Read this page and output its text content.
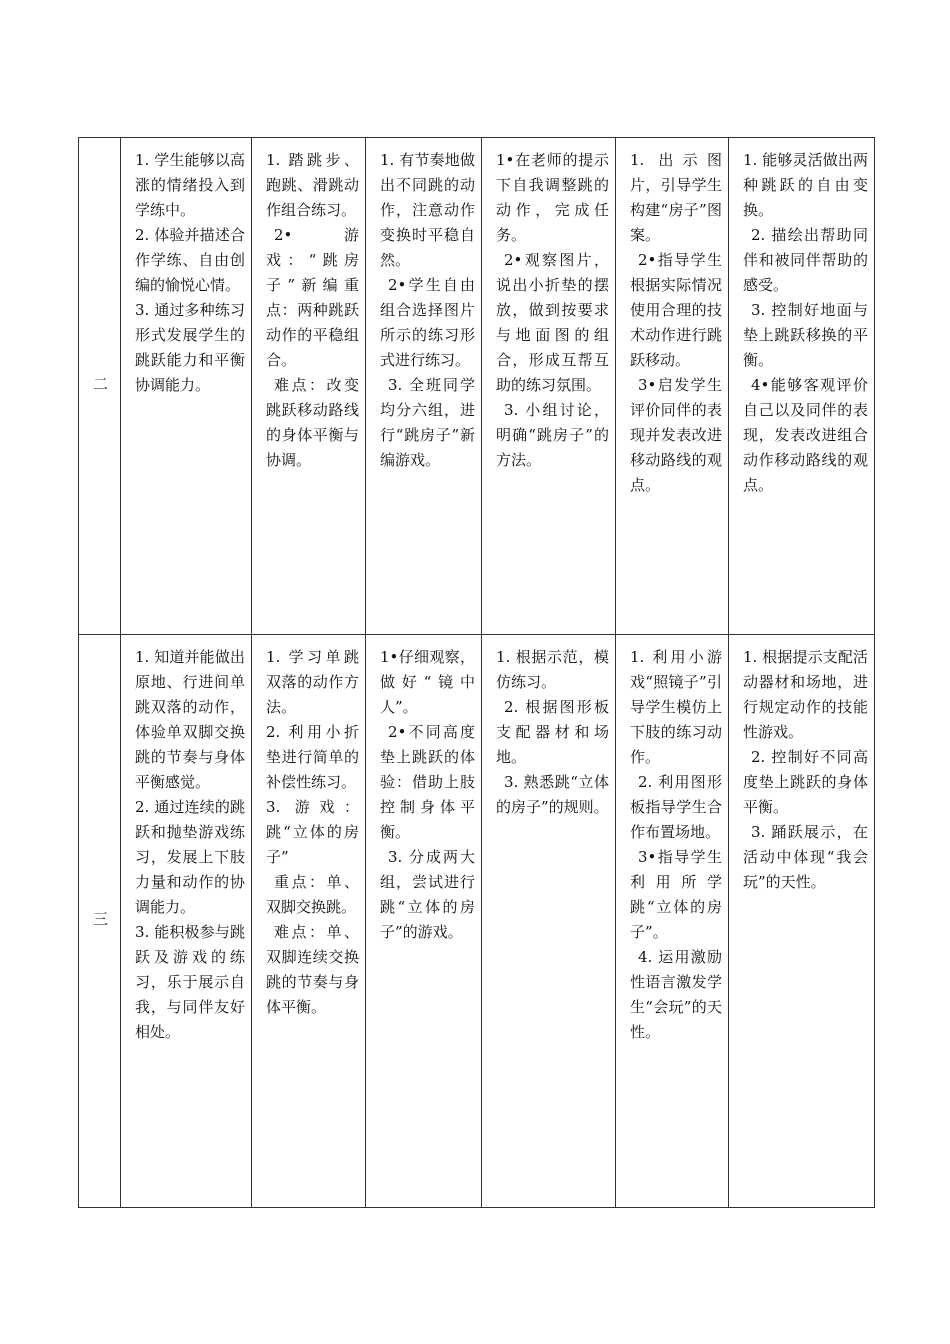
二	1. 学生能够以高涨的情绪投入到学练中。
2. 体验并描述合作学练、自由创编的愉悦心情。
3. 通过多种练习形式发展学生的跳跃能力和平衡协调能力。	1. 踏跳步、跑跳、滑跳动作组合练习。
2•游戏：“跳房子”新编重点：两种跳跃动作的平稳组合。
难点：改变跳跃移动路线的身体平衡与协调。	1. 有节奏地做出不同跳的动作，注意动作变换时平稳自然。
2•学生自由组合选择图片所示的练习形式进行练习。
3. 全班同学均分六组，进行“跳房子”新编游戏。	1•在老师的提示下自我调整跳的动作，完成任务。
2•观察图片，说出小折垫的摆放，做到按要求与地面图的组合，形成互帮互助的练习氛围。
3. 小组讨论，明确“跳房子”的方法。	1. 出示图片，引导学生构建“房子”图案。
2•指导学生根据实际情况使用合理的技术动作进行跳跃移动。
3•启发学生评价同伴的表现并发表改进移动路线的观点。	1. 能够灵活做出两种跳跃的自由变换。
2. 描绘出帮助同伴和被同伴帮助的感受。
3. 控制好地面与垫上跳跃移换的平衡。
4•能够客观评价自己以及同伴的表现，发表改进组合动作移动路线的观点。

三	1. 知道并能做出原地、行进间单跳双落的动作，体验单双脚交换跳的节奏与身体平衡感觉。
2. 通过连续的跳跃和抛垫游戏练习，发展上下肢力量和动作的协调能力。
3. 能积极参与跳跃及游戏的练习，乐于展示自我，与同伴友好相处。	1. 学习单跳双落的动作方法。
2. 利用小折垫进行简单的补偿性练习。
3. 游戏：跳“立体的房子”
重点：单、双脚交换跳。
难点：单、双脚连续交换跳的节奏与身体平衡。	1•仔细观察，做好“镜中人”。
2•不同高度垫上跳跃的体验：借助上肢控制身体平衡。
3. 分成两大组，尝试进行跳“立体的房子”的游戏。	1. 根据示范，模仿练习。
2. 根据图形板支配器材和场地。
3. 熟悉跳“立体的房子”的规则。	1. 利用小游戏“照镜子”引导学生模仿上下肢的练习动作。
2. 利用图形板指导学生合作布置场地。
3•指导学生利用所学跳“立体的房子”。
4. 运用激励性语言激发学生“会玩”的天性。	1. 根据提示支配活动器材和场地，进行规定动作的技能性游戏。
2. 控制好不同高度垫上跳跃的身体平衡。
3. 踊跃展示，在活动中体现“我会玩”的天性。
